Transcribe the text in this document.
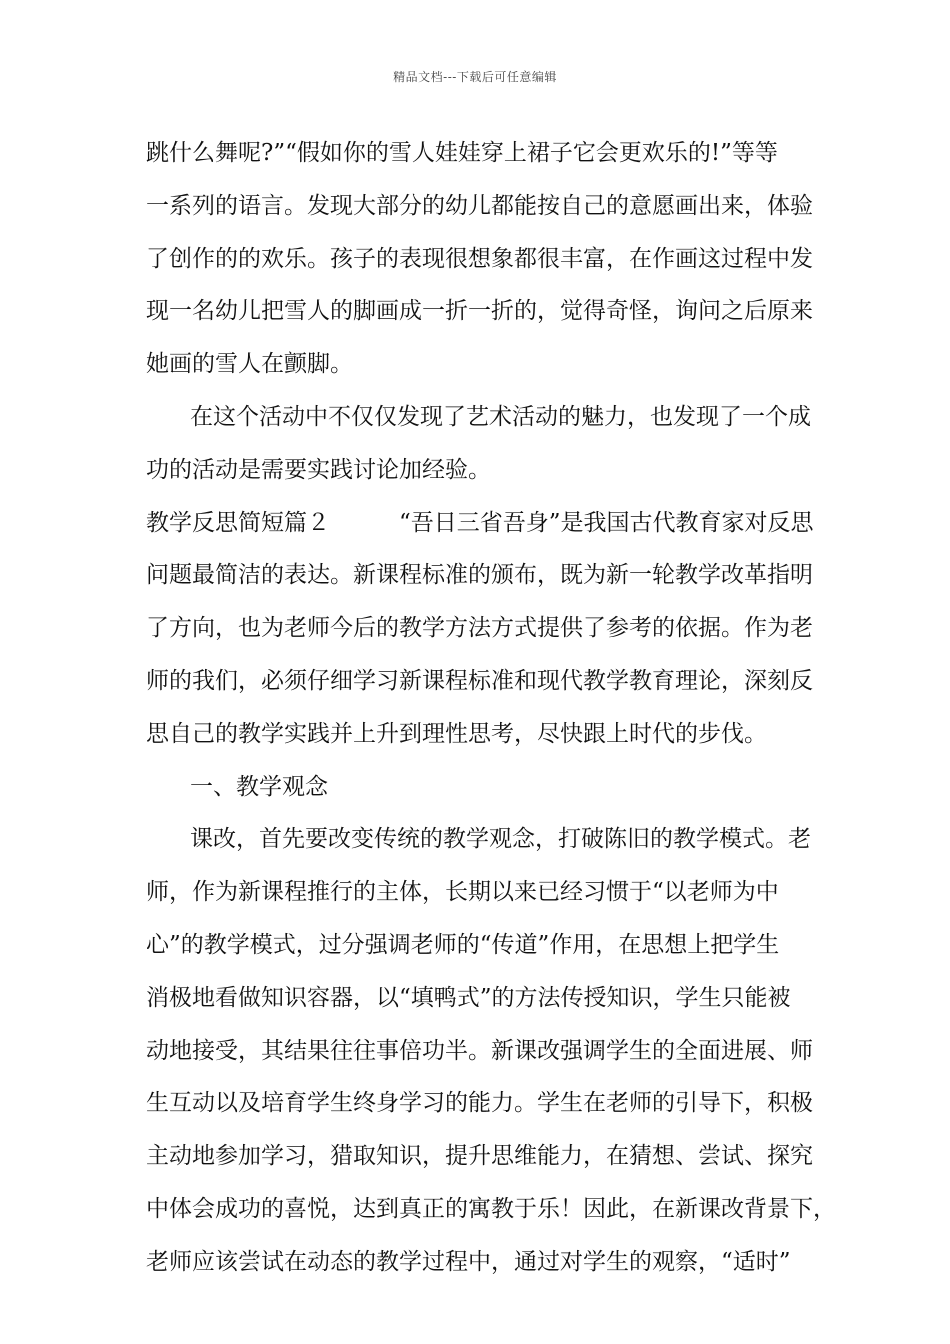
精品文档---下载后可任意编辑
跳什么舞呢?”“假如你的雪人娃娃穿上裙子它会更欢乐的!”等等
一系列的语言。发现大部分的幼儿都能按自己的意愿画出来，体验
了创作的的欢乐。孩子的表现很想象都很丰富，在作画这过程中发
现一名幼儿把雪人的脚画成一折一折的，觉得奇怪，询问之后原来
她画的雪人在颤脚。
在这个活动中不仅仅发现了艺术活动的魅力，也发现了一个成
功的活动是需要实践讨论加经验。
教学反思简短篇２　　　“吾日三省吾身”是我国古代教育家对反思
问题最简洁的表达。新课程标准的颁布，既为新一轮教学改革指明
了方向，也为老师今后的教学方法方式提供了参考的依据。作为老
师的我们，必须仔细学习新课程标准和现代教学教育理论，深刻反
思自己的教学实践并上升到理性思考，尽快跟上时代的步伐。
一、教学观念
课改，首先要改变传统的教学观念，打破陈旧的教学模式。老
师，作为新课程推行的主体，长期以来已经习惯于“以老师为中
心”的教学模式，过分强调老师的“传道”作用，在思想上把学生
消极地看做知识容器，以“填鸭式”的方法传授知识，学生只能被
动地接受，其结果往往事倍功半。新课改强调学生的全面进展、师
生互动以及培育学生终身学习的能力。学生在老师的引导下，积极
主动地参加学习，猎取知识，提升思维能力，在猜想、尝试、探究
中体会成功的喜悦，达到真正的寓教于乐！因此，在新课改背景下，
老师应该尝试在动态的教学过程中，通过对学生的观察，“适时”
